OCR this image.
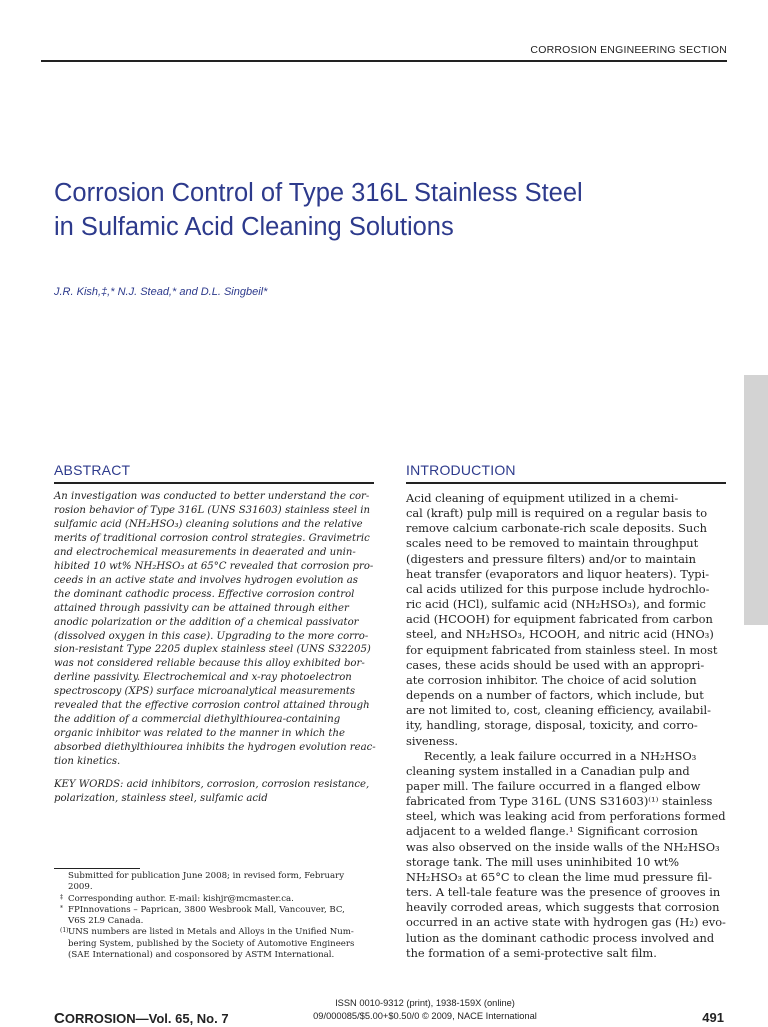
CORROSION ENGINEERING SECTION
Corrosion Control of Type 316L Stainless Steel
in Sulfamic Acid Cleaning Solutions
J.R. Kish,‡,* N.J. Stead,* and D.L. Singbeil*
ABSTRACT
An investigation was conducted to better understand the cor-
rosion behavior of Type 316L (UNS S31603) stainless steel in
sulfamic acid (NH₂HSO₃) cleaning solutions and the relative
merits of traditional corrosion control strategies. Gravimetric
and electrochemical measurements in deaerated and unin-
hibited 10 wt% NH₂HSO₃ at 65°C revealed that corrosion pro-
ceeds in an active state and involves hydrogen evolution as
the dominant cathodic process. Effective corrosion control
attained through passivity can be attained through either
anodic polarization or the addition of a chemical passivator
(dissolved oxygen in this case). Upgrading to the more corro-
sion-resistant Type 2205 duplex stainless steel (UNS S32205)
was not considered reliable because this alloy exhibited bor-
derline passivity. Electrochemical and x-ray photoelectron
spectroscopy (XPS) surface microanalytical measurements
revealed that the effective corrosion control attained through
the addition of a commercial diethylthiourea-containing
organic inhibitor was related to the manner in which the
absorbed diethylthiourea inhibits the hydrogen evolution reac-
tion kinetics.
KEY WORDS: acid inhibitors, corrosion, corrosion resistance,
polarization, stainless steel, sulfamic acid
Submitted for publication June 2008; in revised form, February
2009.
‡ Corresponding author. E-mail: kishjr@mcmaster.ca.
* FPInnovations – Paprican, 3800 Wesbrook Mall, Vancouver, BC,
V6S 2L9 Canada.
(1) UNS numbers are listed in Metals and Alloys in the Unified Num-
bering System, published by the Society of Automotive Engineers
(SAE International) and cosponsored by ASTM International.
INTRODUCTION
Acid cleaning of equipment utilized in a chemi-
cal (kraft) pulp mill is required on a regular basis to
remove calcium carbonate-rich scale deposits. Such
scales need to be removed to maintain throughput
(digesters and pressure filters) and/or to maintain
heat transfer (evaporators and liquor heaters). Typi-
cal acids utilized for this purpose include hydrochlo-
ric acid (HCl), sulfamic acid (NH₂HSO₃), and formic
acid (HCOOH) for equipment fabricated from carbon
steel, and NH₂HSO₃, HCOOH, and nitric acid (HNO₃)
for equipment fabricated from stainless steel. In most
cases, these acids should be used with an appropri-
ate corrosion inhibitor. The choice of acid solution
depends on a number of factors, which include, but
are not limited to, cost, cleaning efficiency, availabil-
ity, handling, storage, disposal, toxicity, and corro-
siveness.
Recently, a leak failure occurred in a NH₂HSO₃
cleaning system installed in a Canadian pulp and
paper mill. The failure occurred in a flanged elbow
fabricated from Type 316L (UNS S31603)⁽¹⁾ stainless
steel, which was leaking acid from perforations formed
adjacent to a welded flange.¹ Significant corrosion
was also observed on the inside walls of the NH₂HSO₃
storage tank. The mill uses uninhibited 10 wt%
NH₂HSO₃ at 65°C to clean the lime mud pressure fil-
ters. A tell-tale feature was the presence of grooves in
heavily corroded areas, which suggests that corrosion
occurred in an active state with hydrogen gas (H₂) evo-
lution as the dominant cathodic process involved and
the formation of a semi-protective salt film.
CORROSION—Vol. 65, No. 7
ISSN 0010-9312 (print), 1938-159X (online)
09/000085/$5.00+$0.50/0 © 2009, NACE International	491
